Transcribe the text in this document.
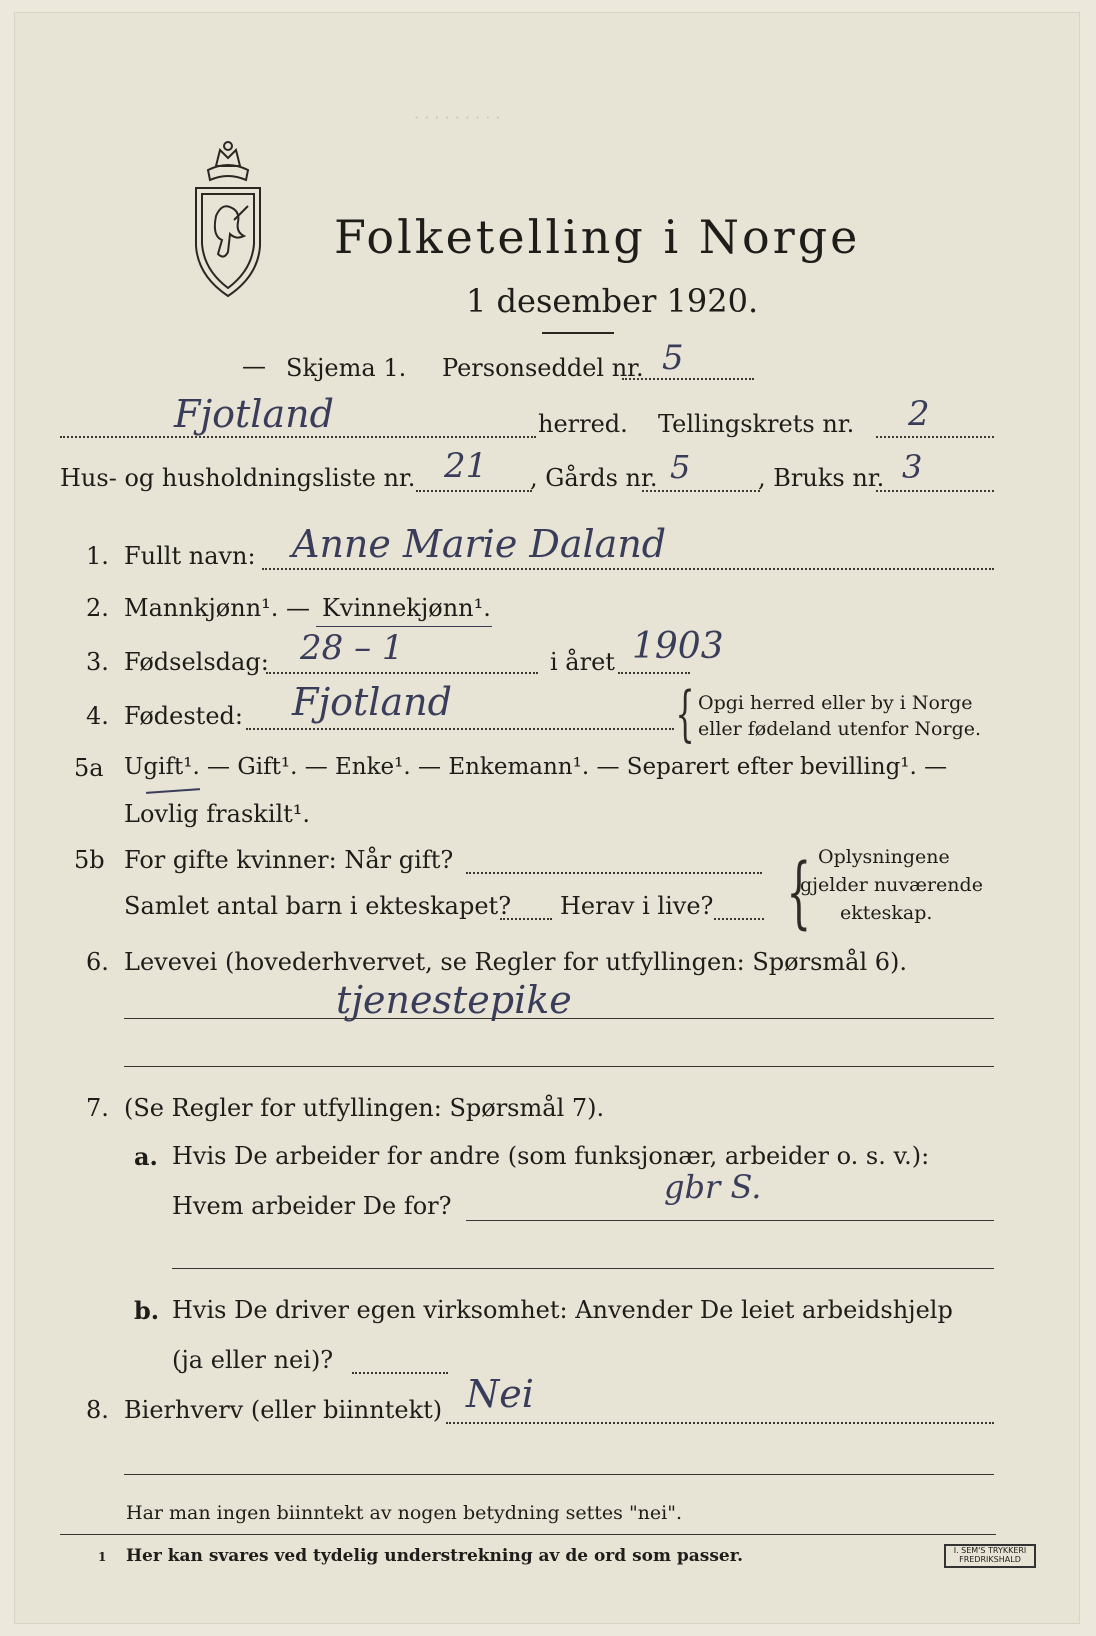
· · · · · · · · ·
Folketelling i Norge
1 desember 1920.
— Skjema 1. Personseddel nr. 5
Fjotland	herred. Tellingskrets nr. 2
Hus- og husholdningsliste nr. 21 , Gårds nr. 5	, Bruks nr. 3
1. Fullt navn: Anne Marie Daland
2. Mannkjønn¹. — Kvinnekjønn¹.
3. Fødselsdag: 28 – 1	i året 1903
4. Fødested: Fjotland	{ Opgi herred eller by i Norge
eller fødeland utenfor Norge.
5a Ugift¹. — Gift¹. — Enke¹. — Enkemann¹. — Separert efter bevilling¹. —
Lovlig fraskilt¹.
5b For gifte kvinner: Når gift?
Samlet antal barn i ekteskapet? Herav i live? { Oplysningene
gjelder nuværende
ekteskap.
6. Levevei (hovederhvervet, se Regler for utfyllingen: Spørsmål 6).
tjenestepike
7. (Se Regler for utfyllingen: Spørsmål 7).
a. Hvis De arbeider for andre (som funksjonær, arbeider o. s. v.):
Hvem arbeider De for?	gbr S.
b. Hvis De driver egen virksomhet: Anvender De leiet arbeidshjelp
(ja eller nei)?
8. Bierhverv (eller biinntekt) Nei
Har man ingen biinntekt av nogen betydning settes "nei".
1 Her kan svares ved tydelig understrekning av de ord som passer.	I. SEM'S TRYKKERI
FREDRIKSHALD
